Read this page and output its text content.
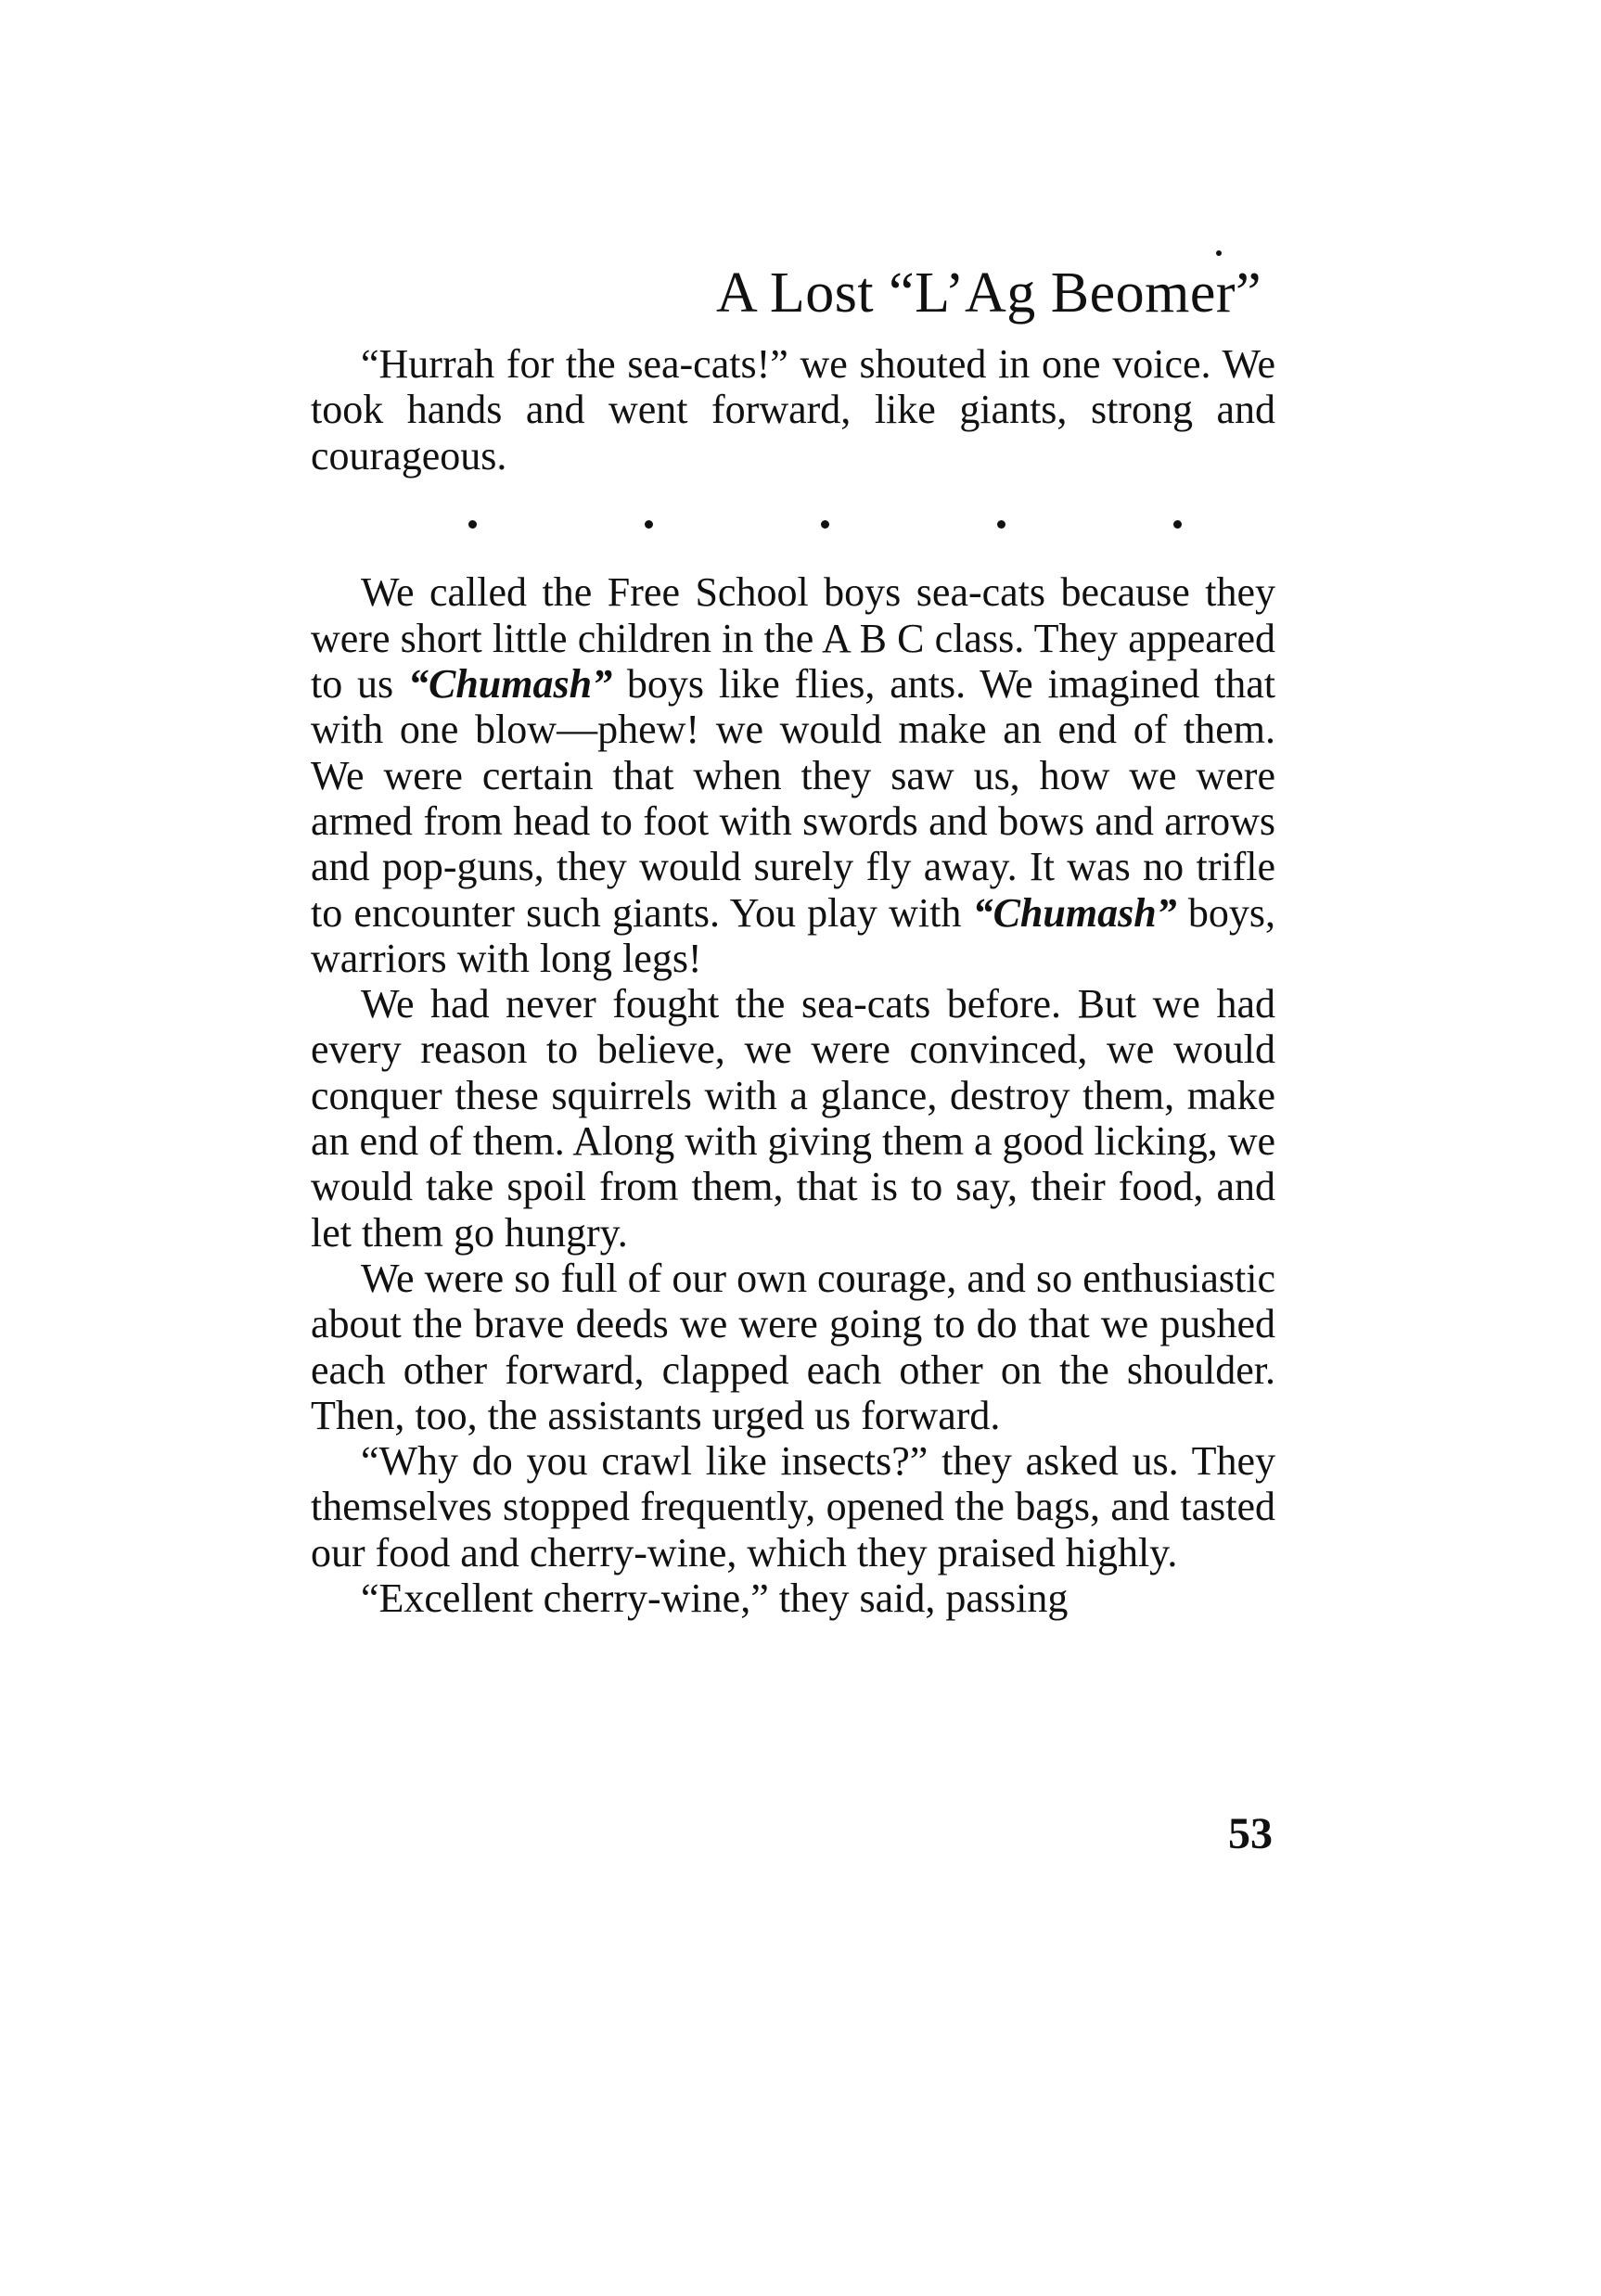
A Lost “L’Ag Beomer”

“Hurrah for the sea-cats!” we shouted in one voice. We took hands and went forward, like giants, strong and courageous.

We called the Free School boys sea-cats because they were short little children in the A B C class. They appeared to us “Chumash” boys like flies, ants. We imagined that with one blow—phew! we would make an end of them. We were certain that when they saw us, how we were armed from head to foot with swords and bows and arrows and pop-guns, they would surely fly away. It was no trifle to encounter such giants. You play with “Chumash” boys, warriors with long legs!

We had never fought the sea-cats before. But we had every reason to believe, we were convinced, we would conquer these squirrels with a glance, destroy them, make an end of them. Along with giving them a good licking, we would take spoil from them, that is to say, their food, and let them go hungry.

We were so full of our own courage, and so enthusiastic about the brave deeds we were going to do that we pushed each other forward, clapped each other on the shoulder. Then, too, the assistants urged us forward.

“Why do you crawl like insects?” they asked us. They themselves stopped frequently, opened the bags, and tasted our food and cherry-wine, which they praised highly.

“Excellent cherry-wine,” they said, passing

53
